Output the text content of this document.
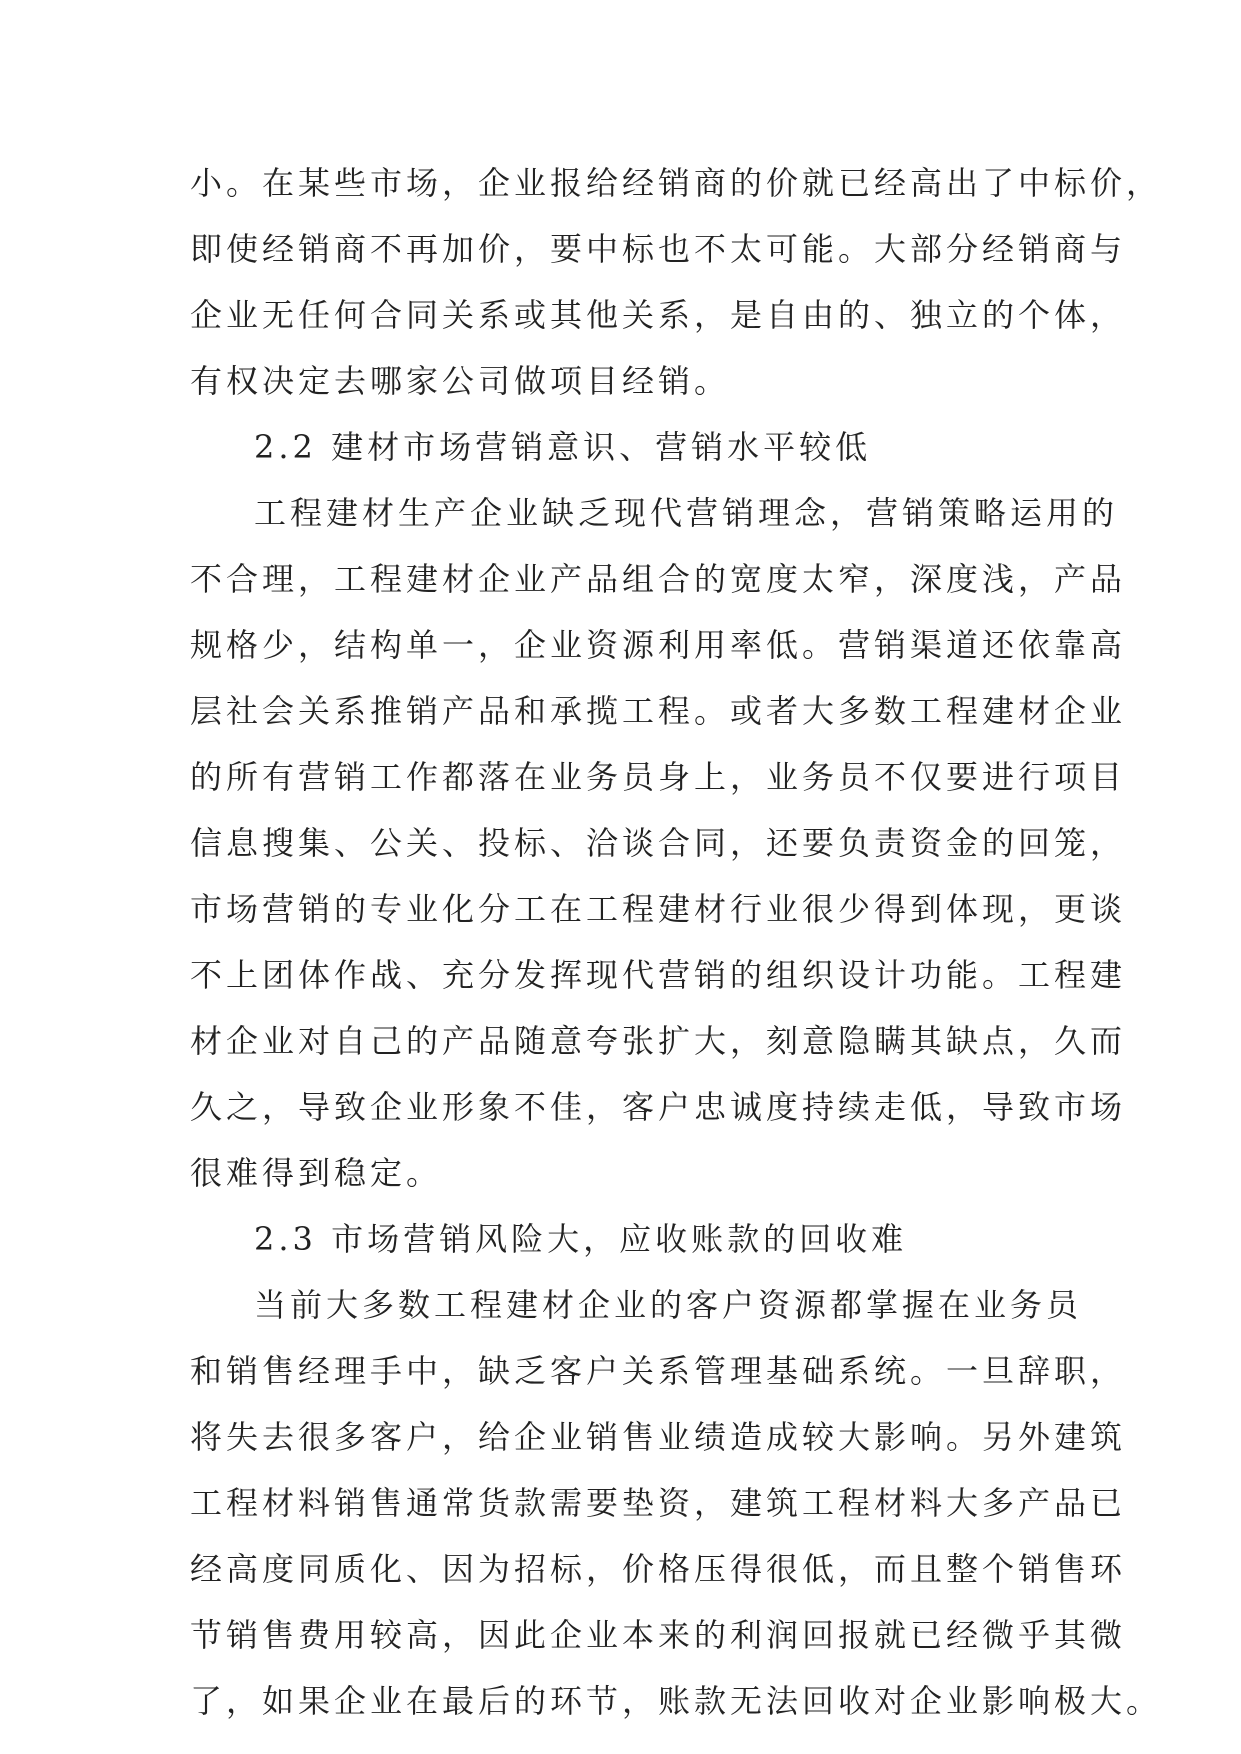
小。在某些市场，企业报给经销商的价就已经高出了中标价，
即使经销商不再加价，要中标也不太可能。大部分经销商与
企业无任何合同关系或其他关系，是自由的、独立的个体，
有权决定去哪家公司做项目经销。
2.2 建材市场营销意识、营销水平较低
工程建材生产企业缺乏现代营销理念，营销策略运用的
不合理，工程建材企业产品组合的宽度太窄，深度浅，产品
规格少，结构单一，企业资源利用率低。营销渠道还依靠高
层社会关系推销产品和承揽工程。或者大多数工程建材企业
的所有营销工作都落在业务员身上，业务员不仅要进行项目
信息搜集、公关、投标、洽谈合同，还要负责资金的回笼，
市场营销的专业化分工在工程建材行业很少得到体现，更谈
不上团体作战、充分发挥现代营销的组织设计功能。工程建
材企业对自己的产品随意夸张扩大，刻意隐瞒其缺点，久而
久之，导致企业形象不佳，客户忠诚度持续走低，导致市场
很难得到稳定。
2.3 市场营销风险大，应收账款的回收难
当前大多数工程建材企业的客户资源都掌握在业务员
和销售经理手中，缺乏客户关系管理基础系统。一旦辞职，
将失去很多客户，给企业销售业绩造成较大影响。另外建筑
工程材料销售通常货款需要垫资，建筑工程材料大多产品已
经高度同质化、因为招标，价格压得很低，而且整个销售环
节销售费用较高，因此企业本来的利润回报就已经微乎其微
了，如果企业在最后的环节，账款无法回收对企业影响极大。
